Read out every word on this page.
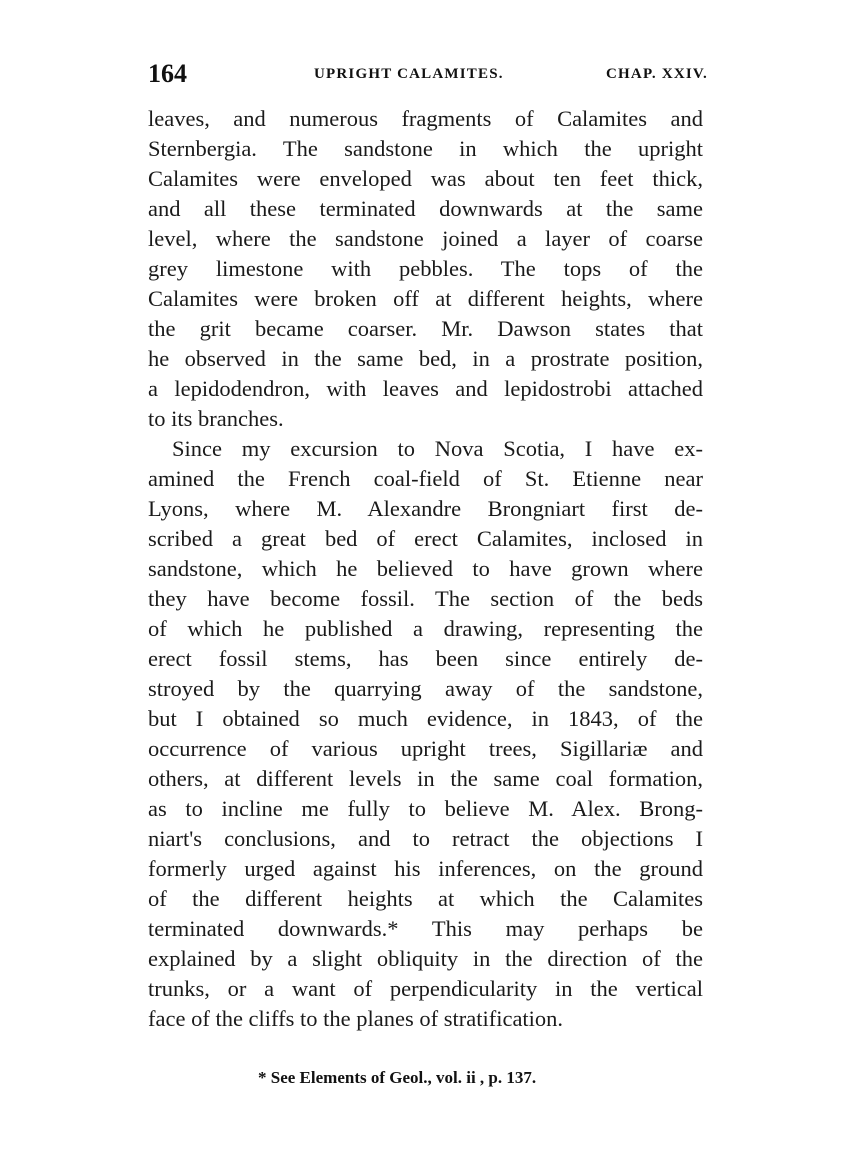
164	UPRIGHT CALAMITES.	CHAP. XXIV.
leaves, and numerous fragments of Calamites and
Sternbergia. The sandstone in which the upright
Calamites were enveloped was about ten feet thick,
and all these terminated downwards at the same
level, where the sandstone joined a layer of coarse
grey limestone with pebbles. The tops of the
Calamites were broken off at different heights, where
the grit became coarser. Mr. Dawson states that
he observed in the same bed, in a prostrate position,
a lepidodendron, with leaves and lepidostrobi attached
to its branches.
Since my excursion to Nova Scotia, I have ex-
amined the French coal-field of St. Etienne near
Lyons, where M. Alexandre Brongniart first de-
scribed a great bed of erect Calamites, inclosed in
sandstone, which he believed to have grown where
they have become fossil. The section of the beds
of which he published a drawing, representing the
erect fossil stems, has been since entirely de-
stroyed by the quarrying away of the sandstone,
but I obtained so much evidence, in 1843, of the
occurrence of various upright trees, Sigillariæ and
others, at different levels in the same coal formation,
as to incline me fully to believe M. Alex. Brong-
niart's conclusions, and to retract the objections I
formerly urged against his inferences, on the ground
of the different heights at which the Calamites
terminated downwards.* This may perhaps be
explained by a slight obliquity in the direction of the
trunks, or a want of perpendicularity in the vertical
face of the cliffs to the planes of stratification.
* See Elements of Geol., vol. ii , p. 137.
